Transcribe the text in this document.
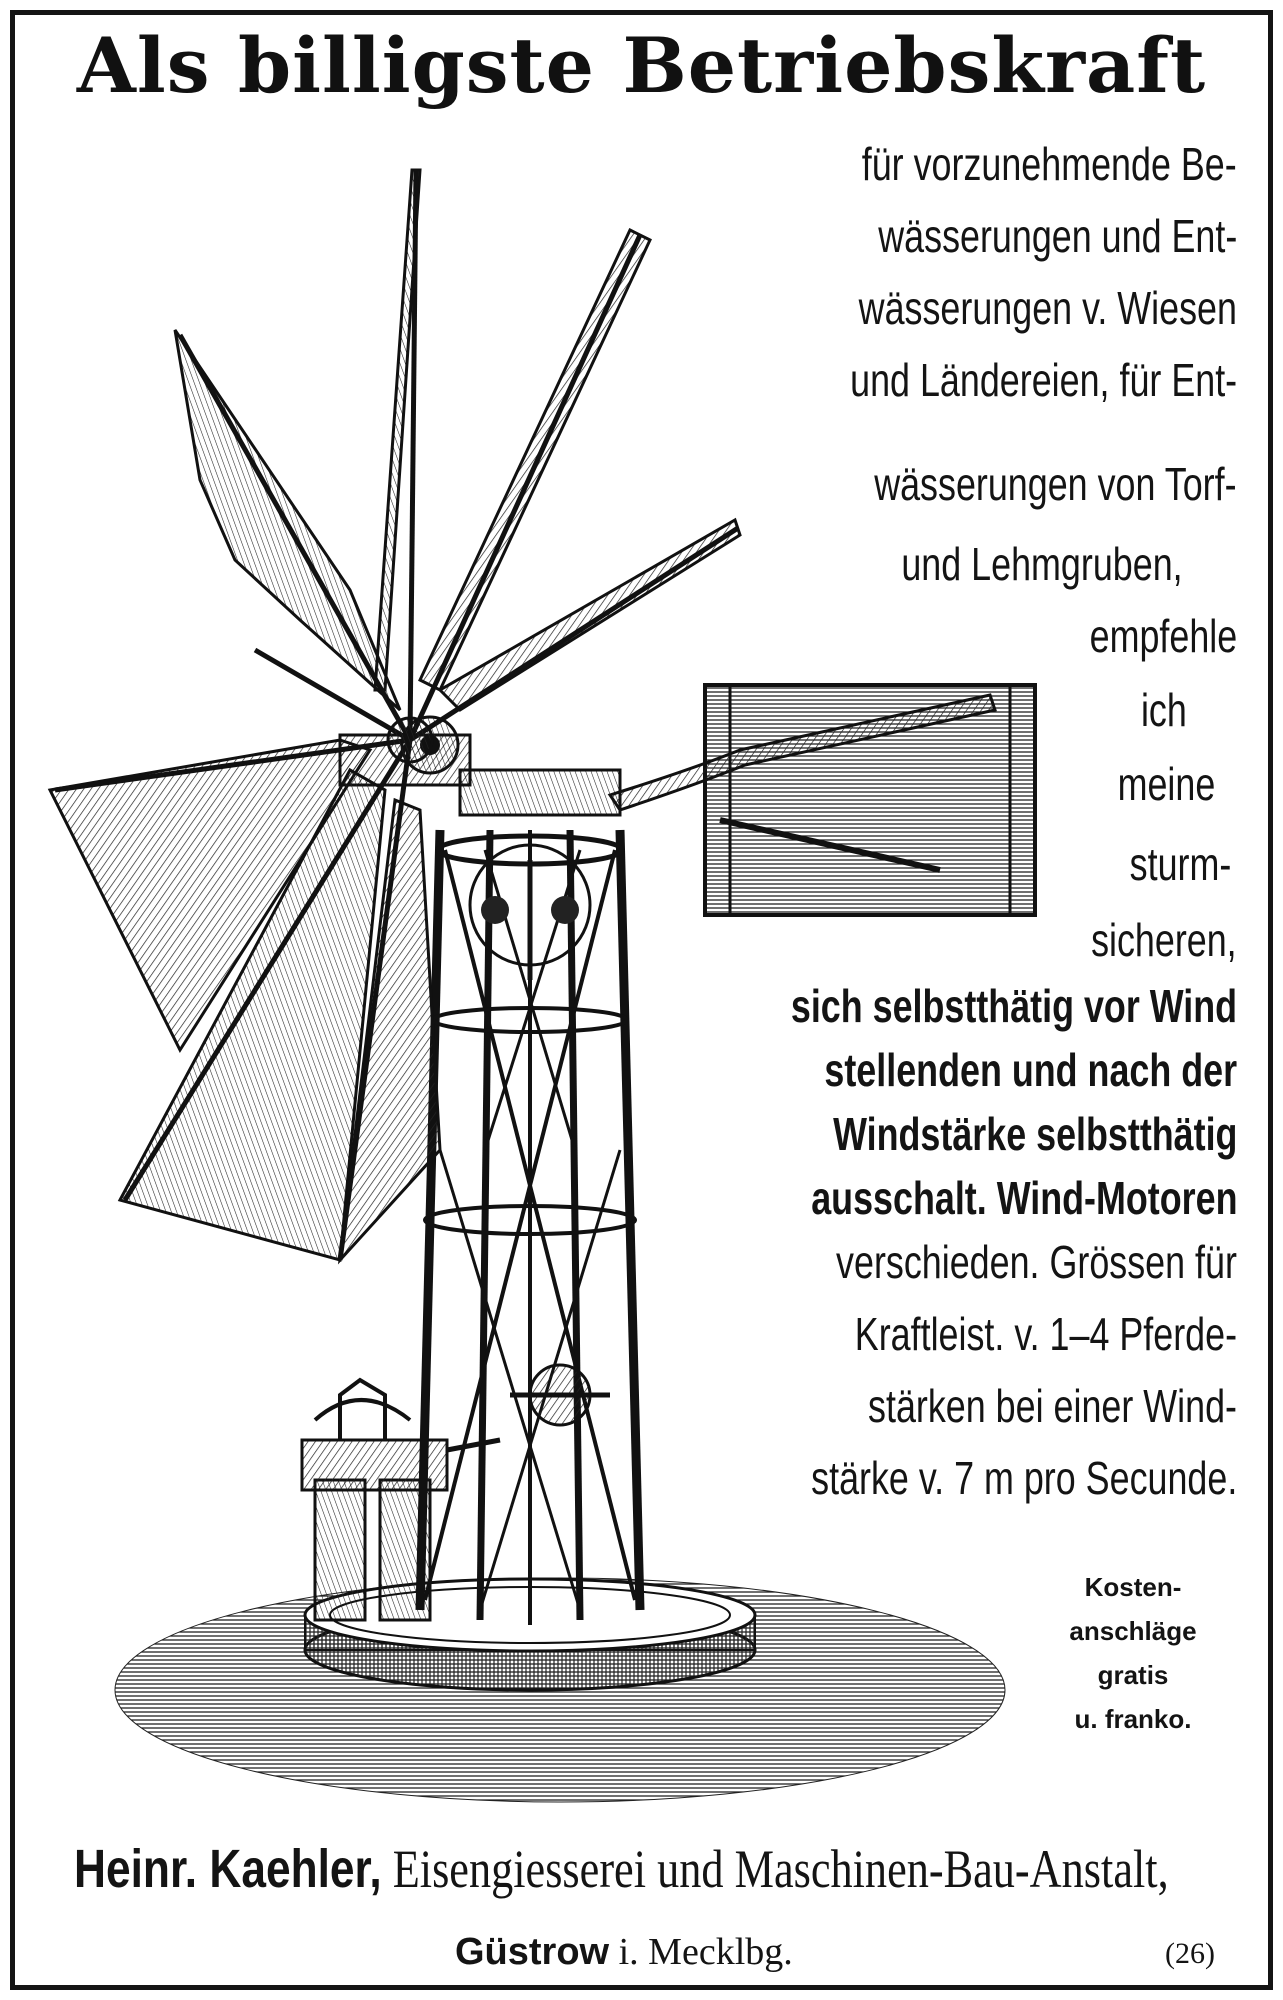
Als billigste Betriebskraft
für vorzunehmende Be-
wässerungen und Ent-
wässerungen v. Wiesen
und Ländereien, für Ent-
wässerungen von Torf-
und Lehmgruben,
empfehle
ich
meine
sturm-
sicheren,
sich selbstthätig vor Wind
stellenden und nach der
Windstärke selbstthätig
ausschalt. Wind-Motoren
verschieden. Grössen für
Kraftleist. v. 1–4 Pferde-
stärken bei einer Wind-
stärke v. 7 m pro Secunde.
Kosten-
anschläge
gratis
u. franko.
Heinr. Kaehler, Eisengiesserei und Maschinen-Bau-Anstalt,
Güstrow i. Mecklbg.	(26)
